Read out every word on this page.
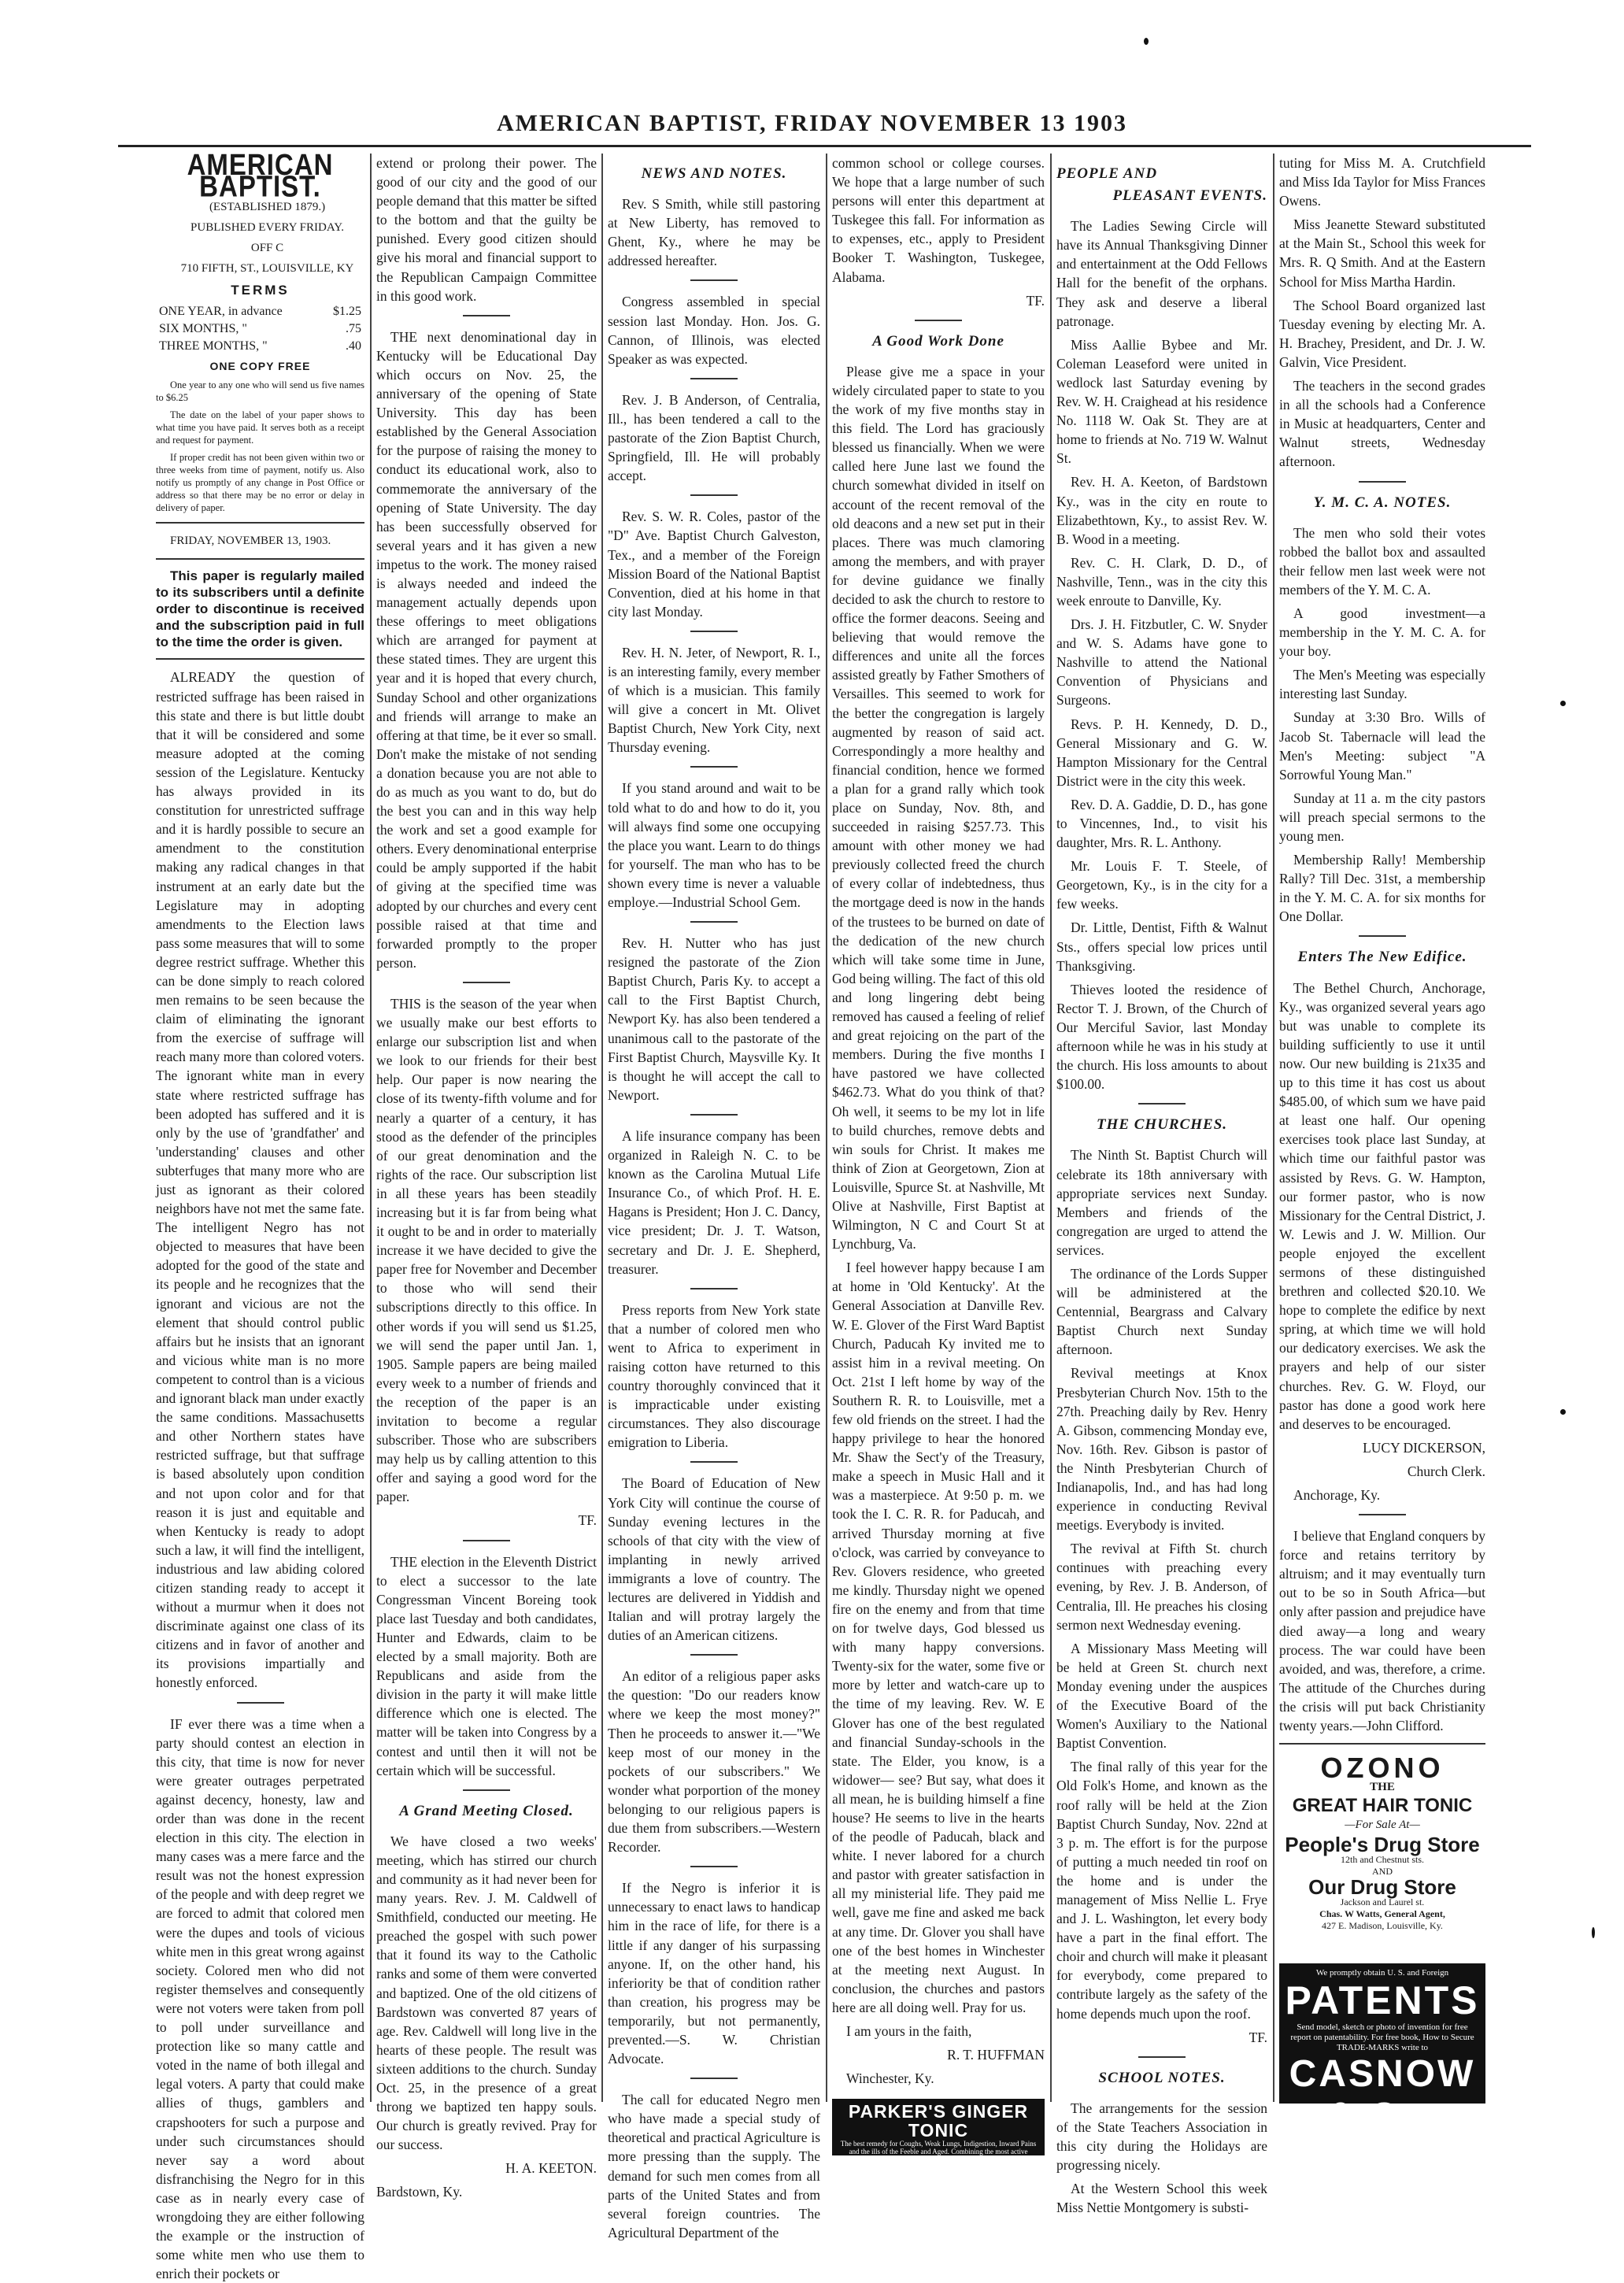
AMERICAN BAPTIST, FRIDAY NOVEMBER 13 1903
AMERICAN BAPTIST.

(ESTABLISHED 1879.)

PUBLISHED EVERY FRIDAY.

OFF C

710 FIFTH, ST., LOUISVILLE, KY

TERMS
ONE YEAR, in advance	$1.25
SIX MONTHS, "	.75
THREE MONTHS, "	.40
ONE COPY FREE

One year to any one who will send us five names to $6.25

The date on the label of your paper shows to what time you have paid. It serves both as a receipt and request for payment.

If proper credit has not been given within two or three weeks from time of payment, notify us. Also notify us promptly of any change in Post Office or address so that there may be no error or delay in delivery of paper.

FRIDAY, NOVEMBER 13, 1903.

This paper is regularly mailed to its subscribers until a definite order to discontinue is received and the subscription paid in full to the time the order is given.

ALREADY the question of restricted suffrage has been raised in this state and there is but little doubt that it will be considered and some measure adopted at the coming session of the Legislature. Kentucky has always provided in its constitution for unrestricted suffrage and it is hardly possible to secure an amendment to the constitution making any radical changes in that instrument at an early date but the Legislature may in adopting amendments to the Election laws pass some measures that will to some degree restrict suffrage. Whether this can be done simply to reach colored men remains to be seen because the claim of eliminating the ignorant from the exercise of suffrage will reach many more than colored voters. The ignorant white man in every state where restricted suffrage has been adopted has suffered and it is only by the use of 'grandfather' and 'understanding' clauses and other subterfuges that many more who are just as ignorant as their colored neighbors have not met the same fate. The intelligent Negro has not objected to measures that have been adopted for the good of the state and its people and he recognizes that the ignorant and vicious are not the element that should control public affairs but he insists that an ignorant and vicious white man is no more competent to control than is a vicious and ignorant black man under exactly the same conditions. Massachusetts and other Northern states have restricted suffrage, but that suffrage is based absolutely upon condition and not upon color and for that reason it is just and equitable and when Kentucky is ready to adopt such a law, it will find the intelligent, industrious and law abiding colored citizen standing ready to accept it without a murmur when it does not discriminate against one class of its citizens and in favor of another and its provisions impartially and honestly enforced.

IF ever there was a time when a party should contest an election in this city, that time is now for never were greater outrages perpetrated against decency, honesty, law and order than was done in the recent election in this city. The election in many cases was a mere farce and the result was not the honest expression of the people and with deep regret we are forced to admit that colored men were the dupes and tools of vicious white men in this great wrong against society. Colored men who did not register themselves and consequently were not voters were taken from poll to poll under surveillance and protection like so many cattle and voted in the name of both illegal and legal voters. A party that could make allies of thugs, gamblers and crapshooters for such a purpose and under such circumstances should never say a word about disfranchising the Negro for in this case as in nearly every case of wrongdoing they are either following the example or the instruction of some white men who use them to enrich their pockets or

extend or prolong their power. The good of our city and the good of our people demand that this matter be sifted to the bottom and that the guilty be punished. Every good citizen should give his moral and financial support to the Republican Campaign Committee in this good work.

THE next denominational day in Kentucky will be Educational Day which occurs on Nov. 25, the anniversary of the opening of State University. This day has been established by the General Association for the purpose of raising the money to conduct its educational work, also to commemorate the anniversary of the opening of State University. The day has been successfully observed for several years and it has given a new impetus to the work. The money raised is always needed and indeed the management actually depends upon these offerings to meet obligations which are arranged for payment at these stated times. They are urgent this year and it is hoped that every church, Sunday School and other organizations and friends will arrange to make an offering at that time, be it ever so small. Don't make the mistake of not sending a donation because you are not able to do as much as you want to do, but do the best you can and in this way help the work and set a good example for others. Every denominational enterprise could be amply supported if the habit of giving at the specified time was adopted by our churches and every cent possible raised at that time and forwarded promptly to the proper person.

THIS is the season of the year when we usually make our best efforts to enlarge our subscription list and when we look to our friends for their best help. Our paper is now nearing the close of its twenty-fifth volume and for nearly a quarter of a century, it has stood as the defender of the principles of our great denomination and the rights of the race. Our subscription list in all these years has been steadily increasing but it is far from being what it ought to be and in order to materially increase it we have decided to give the paper free for November and December to those who will send their subscriptions directly to this office. In other words if you will send us $1.25, we will send the paper until Jan. 1, 1905. Sample papers are being mailed every week to a number of friends and the reception of the paper is an invitation to become a regular subscriber. Those who are subscribers may help us by calling attention to this offer and saying a good word for the paper.

TF.

THE election in the Eleventh District to elect a successor to the late Congressman Vincent Boreing took place last Tuesday and both candidates, Hunter and Edwards, claim to be elected by a small majority. Both are Republicans and aside from the division in the party it will make little difference which one is elected. The matter will be taken into Congress by a contest and until then it will not be certain which will be successful.

A Grand Meeting Closed.

We have closed a two weeks' meeting, which has stirred our church and community as it had never been for many years. Rev. J. M. Caldwell of Smithfield, conducted our meeting. He preached the gospel with such power that it found its way to the Catholic ranks and some of them were converted and baptized. One of the old citizens of Bardstown was converted 87 years of age. Rev. Caldwell will long live in the hearts of these people. The result was sixteen additions to the church. Sunday Oct. 25, in the presence of a great throng we baptized ten happy souls. Our church is greatly revived. Pray for our success.

H. A. KEETON.

Bardstown, Ky.

NEWS AND NOTES.

Rev. S Smith, while still pastoring at New Liberty, has removed to Ghent, Ky., where he may be addressed hereafter.

Congress assembled in special session last Monday. Hon. Jos. G. Cannon, of Illinois, was elected Speaker as was expected.

Rev. J. B Anderson, of Centralia, Ill., has been tendered a call to the pastorate of the Zion Baptist Church, Springfield, Ill. He will probably accept.

Rev. S. W. R. Coles, pastor of the "D" Ave. Baptist Church Galveston, Tex., and a member of the Foreign Mission Board of the National Baptist Convention, died at his home in that city last Monday.

Rev. H. N. Jeter, of Newport, R. I., is an interesting family, every member of which is a musician. This family will give a concert in Mt. Olivet Baptist Church, New York City, next Thursday evening.

If you stand around and wait to be told what to do and how to do it, you will always find some one occupying the place you want. Learn to do things for yourself. The man who has to be shown every time is never a valuable employe.—Industrial School Gem.

Rev. H. Nutter who has just resigned the pastorate of the Zion Baptist Church, Paris Ky. to accept a call to the First Baptist Church, Newport Ky. has also been tendered a unanimous call to the pastorate of the First Baptist Church, Maysville Ky. It is thought he will accept the call to Newport.

A life insurance company has been organized in Raleigh N. C. to be known as the Carolina Mutual Life Insurance Co., of which Prof. H. E. Hagans is President; Hon J. C. Dancy, vice president; Dr. J. T. Watson, secretary and Dr. J. E. Shepherd, treasurer.

Press reports from New York state that a number of colored men who went to Africa to experiment in raising cotton have returned to this country thoroughly convinced that it is impracticable under existing circumstances. They also discourage emigration to Liberia.

The Board of Education of New York City will continue the course of Sunday evening lectures in the schools of that city with the view of implanting in newly arrived immigrants a love of country. The lectures are delivered in Yiddish and Italian and will protray largely the duties of an American citizens.

An editor of a religious paper asks the question: "Do our readers know where we keep the most money?" Then he proceeds to answer it.—"We keep most of our money in the pockets of our subscribers." We wonder what porportion of the money belonging to our religious papers is due them from subscribers.—Western Recorder.

If the Negro is inferior it is unnecessary to enact laws to handicap him in the race of life, for there is a little if any danger of his surpassing anyone. If, on the other hand, his inferiority be that of condition rather than creation, his progress may be temporarily, but not permanently, prevented.—S. W. Christian Advocate.

The call for educated Negro men who have made a special study of theoretical and practical Agriculture is more pressing than the supply. The demand for such men comes from all parts of the United States and from several foreign countries. The Agricultural Department of the

common school or college courses. We hope that a large number of such persons will enter this department at Tuskegee this fall. For information as to expenses, etc., apply to President Booker T. Washington, Tuskegee, Alabama.

TF.

A Good Work Done

Please give me a space in your widely circulated paper to state to you the work of my five months stay in this field. The Lord has graciously blessed us financially. When we were called here June last we found the church somewhat divided in itself on account of the recent removal of the old deacons and a new set put in their places. There was much clamoring among the members, and with prayer for devine guidance we finally decided to ask the church to restore to office the former deacons. Seeing and believing that would remove the differences and unite all the forces assisted greatly by Father Smothers of Versailles. This seemed to work for the better the congregation is largely augmented by reason of said act. Correspondingly a more healthy and financial condition, hence we formed a plan for a grand rally which took place on Sunday, Nov. 8th, and succeeded in raising $257.73. This amount with other money we had previously collected freed the church of every collar of indebtedness, thus the mortgage deed is now in the hands of the trustees to be burned on date of the dedication of the new church which will take some time in June, God being willing. The fact of this old and long lingering debt being removed has caused a feeling of relief and great rejoicing on the part of the members. During the five months I have pastored we have collected $462.73. What do you think of that? Oh well, it seems to be my lot in life to build churches, remove debts and win souls for Christ. It makes me think of Zion at Georgetown, Zion at Louisville, Spurce St. at Nashville, Mt Olive at Nashville, First Baptist at Wilmington, N C and Court St at Lynchburg, Va.

I feel however happy because I am at home in 'Old Kentucky'. At the General Association at Danville Rev. W. E. Glover of the First Ward Baptist Church, Paducah Ky invited me to assist him in a revival meeting. On Oct. 21st I left home by way of the Southern R. R. to Louisville, met a few old friends on the street. I had the happy privilege to hear the honored Mr. Shaw the Sect'y of the Treasury, make a speech in Music Hall and it was a masterpiece. At 9:50 p. m. we took the I. C. R. R. for Paducah, and arrived Thursday morning at five o'clock, was carried by conveyance to Rev. Glovers residence, who greeted me kindly. Thursday night we opened fire on the enemy and from that time on for twelve days, God blessed us with many happy conversions. Twenty-six for the water, some five or more by letter and watch-care up to the time of my leaving. Rev. W. E Glover has one of the best regulated and financial Sunday-schools in the state. The Elder, you know, is a widower— see? But say, what does it all mean, he is building himself a fine house? He seems to live in the hearts of the peodle of Paducah, black and white. I never labored for a church and pastor with greater satisfaction in all my ministerial life. They paid me well, gave me fine and asked me back at any time. Dr. Glover you shall have one of the best homes in Winchester at the meeting next August. In conclusion, the churches and pastors here are all doing well. Pray for us.

I am yours in the faith,

R. T. HUFFMAN

Winchester, Ky.

PARKER'S GINGER TONIC
The best remedy for Coughs, Weak Lungs, Indigestion, Inward Pains and the ills of the Feeble and Aged. Combining the most active medicines with Ginger, it exerts a curative power over disease unknown to other remedies.

PEOPLE AND

PLEASANT EVENTS.

The Ladies Sewing Circle will have its Annual Thanksgiving Dinner and entertainment at the Odd Fellows Hall for the benefit of the orphans. They ask and deserve a liberal patronage.

Miss Aallie Bybee and Mr. Coleman Leaseford were united in wedlock last Saturday evening by Rev. W. H. Craighead at his residence No. 1118 W. Oak St. They are at home to friends at No. 719 W. Walnut St.

Rev. H. A. Keeton, of Bardstown Ky., was in the city en route to Elizabethtown, Ky., to assist Rev. W. B. Wood in a meeting.

Rev. C. H. Clark, D. D., of Nashville, Tenn., was in the city this week enroute to Danville, Ky.

Drs. J. H. Fitzbutler, C. W. Snyder and W. S. Adams have gone to Nashville to attend the National Convention of Physicians and Surgeons.

Revs. P. H. Kennedy, D. D., General Missionary and G. W. Hampton Missionary for the Central District were in the city this week.

Rev. D. A. Gaddie, D. D., has gone to Vincennes, Ind., to visit his daughter, Mrs. R. L. Anthony.

Mr. Louis F. T. Steele, of Georgetown, Ky., is in the city for a few weeks.

Dr. Little, Dentist, Fifth & Walnut Sts., offers special low prices until Thanksgiving.

Thieves looted the residence of Rector T. J. Brown, of the Church of Our Merciful Savior, last Monday afternoon while he was in his study at the church. His loss amounts to about $100.00.

THE CHURCHES.

The Ninth St. Baptist Church will celebrate its 18th anniversary with appropriate services next Sunday. Members and friends of the congregation are urged to attend the services.

The ordinance of the Lords Supper will be administered at the Centennial, Beargrass and Calvary Baptist Church next Sunday afternoon.

Revival meetings at Knox Presbyterian Church Nov. 15th to the 27th. Preaching daily by Rev. Henry A. Gibson, commencing Monday eve, Nov. 16th. Rev. Gibson is pastor of the Ninth Presbyterian Church of Indianapolis, Ind., and has had long experience in conducting Revival meetigs. Everybody is invited.

The revival at Fifth St. church continues with preaching every evening, by Rev. J. B. Anderson, of Centralia, Ill. He preaches his closing sermon next Wednesday evening.

A Missionary Mass Meeting will be held at Green St. church next Monday evening under the auspices of the Executive Board of the Women's Auxiliary to the National Baptist Convention.

The final rally of this year for the Old Folk's Home, and known as the roof rally will be held at the Zion Baptist Church Sunday, Nov. 22nd at 3 p. m. The effort is for the purpose of putting a much needed tin roof on the home and is under the management of Miss Nellie L. Frye and J. L. Washington, let every body have a part in the final effort. The choir and church will make it pleasant for everybody, come prepared to contribute largely as the safety of the home depends much upon the roof.

TF.

SCHOOL NOTES.

The arrangements for the session of the State Teachers Association in this city during the Holidays are progressing nicely.

At the Western School this week Miss Nettie Montgomery is substi-

tuting for Miss M. A. Crutchfield and Miss Ida Taylor for Miss Frances Owens.

Miss Jeanette Steward substituted at the Main St., School this week for Mrs. R. Q Smith. And at the Eastern School for Miss Martha Hardin.

The School Board organized last Tuesday evening by electing Mr. A. H. Brachey, President, and Dr. J. W. Galvin, Vice President.

The teachers in the second grades in all the schools had a Conference in Music at headquarters, Center and Walnut streets, Wednesday afternoon.

Y. M. C. A. NOTES.

The men who sold their votes robbed the ballot box and assaulted their fellow men last week were not members of the Y. M. C. A.

A good investment—a membership in the Y. M. C. A. for your boy.

The Men's Meeting was especially interesting last Sunday.

Sunday at 3:30 Bro. Wills of Jacob St. Tabernacle will lead the Men's Meeting: subject "A Sorrowful Young Man."

Sunday at 11 a. m the city pastors will preach special sermons to the young men.

Membership Rally! Membership Rally? Till Dec. 31st, a membership in the Y. M. C. A. for six months for One Dollar.

Enters The New Edifice.

The Bethel Church, Anchorage, Ky., was organized several years ago but was unable to complete its building sufficiently to use it until now. Our new building is 21x35 and up to this time it has cost us about $485.00, of which sum we have paid at least one half. Our opening exercises took place last Sunday, at which time our faithful pastor was assisted by Revs. G. W. Hampton, our former pastor, who is now Missionary for the Central District, J. W. Lewis and J. W. Million. Our people enjoyed the excellent sermons of these distinguished brethren and collected $20.10. We hope to complete the edifice by next spring, at which time we will hold our dedicatory exercises. We ask the prayers and help of our sister churches. Rev. G. W. Floyd, our pastor has done a good work here and deserves to be encouraged.

LUCY DICKERSON,

Church Clerk.

Anchorage, Ky.

I believe that England conquers by force and retains territory by altruism; and it may eventually turn out to be so in South Africa—but only after passion and prejudice have died away—a long and weary process. The war could have been avoided, and was, therefore, a crime. The attitude of the Churches during the crisis will put back Christianity twenty years.—John Clifford.

OZONO
THE
GREAT HAIR TONIC
—For Sale At—
People's Drug Store
12th and Chestnut sts.
AND
Our Drug Store
Jackson and Laurel st.
Chas. W Watts, General Agent,
427 E. Madison, Louisville, Ky.
We promptly obtain U. S. and Foreign
PATENTS
Send model, sketch or photo of invention for free report on patentability. For free book, How to Secure TRADE-MARKS write to
CASNOW & Co.
OPPOSITE U. S. PATENT OFFICE WASHINGTON D.C.
